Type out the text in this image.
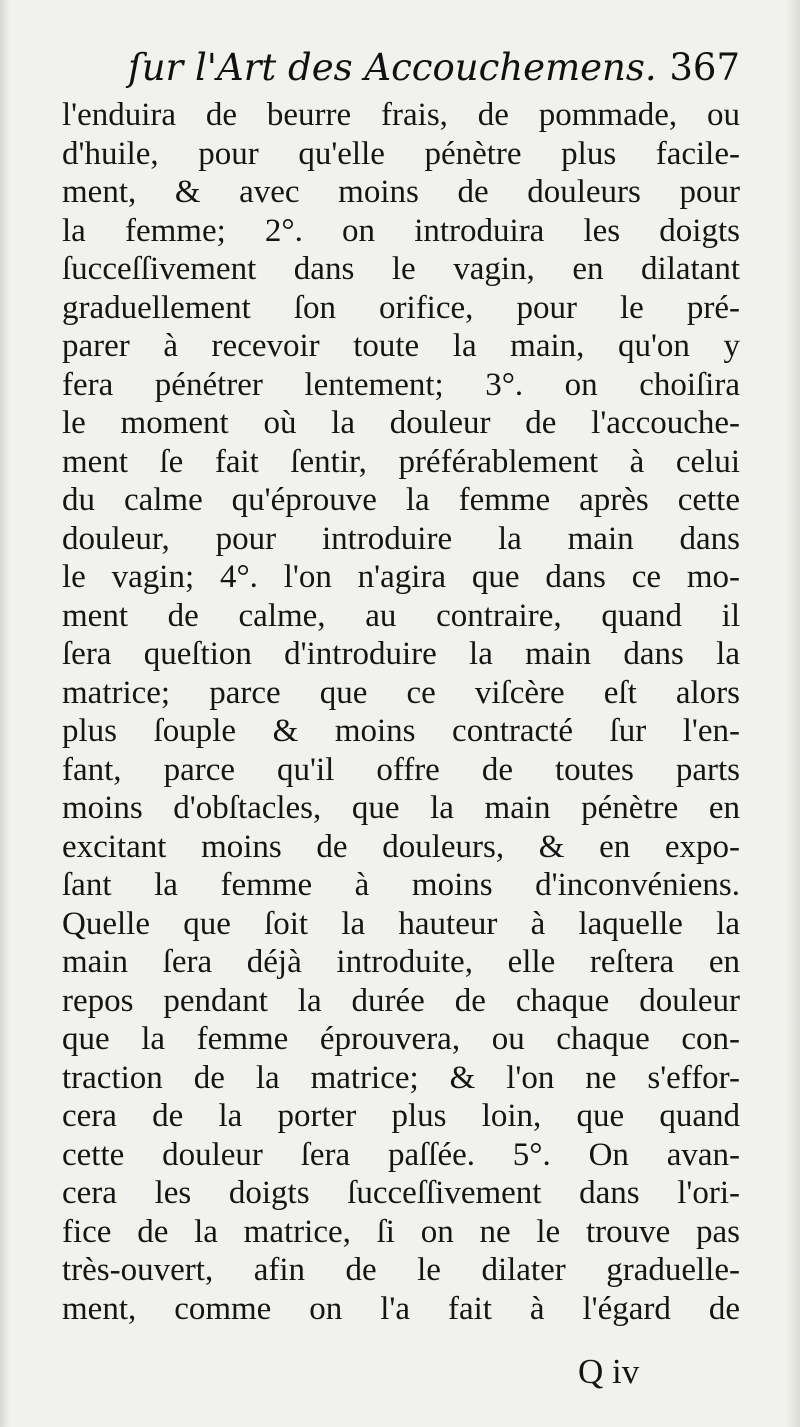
ſur l'Art des Accouchemens. 367
l'enduira de beurre frais, de pommade, ou
d'huile, pour qu'elle pénètre plus facile-
ment, & avec moins de douleurs pour
la femme; 2°. on introduira les doigts
ſucceſſivement dans le vagin, en dilatant
graduellement ſon orifice, pour le pré-
parer à recevoir toute la main, qu'on y
fera pénétrer lentement; 3°. on choiſira
le moment où la douleur de l'accouche-
ment ſe fait ſentir, préférablement à celui
du calme qu'éprouve la femme après cette
douleur, pour introduire la main dans
le vagin; 4°. l'on n'agira que dans ce mo-
ment de calme, au contraire, quand il
ſera queſtion d'introduire la main dans la
matrice; parce que ce viſcère eſt alors
plus ſouple & moins contracté ſur l'en-
fant, parce qu'il offre de toutes parts
moins d'obſtacles, que la main pénètre en
excitant moins de douleurs, & en expo-
ſant la femme à moins d'inconvéniens.
Quelle que ſoit la hauteur à laquelle la
main ſera déjà introduite, elle reſtera en
repos pendant la durée de chaque douleur
que la femme éprouvera, ou chaque con-
traction de la matrice; & l'on ne s'effor-
cera de la porter plus loin, que quand
cette douleur ſera paſſée. 5°. On avan-
cera les doigts ſucceſſivement dans l'ori-
fice de la matrice, ſi on ne le trouve pas
très-ouvert, afin de le dilater graduelle-
ment, comme on l'a fait à l'égard de
Q iv
